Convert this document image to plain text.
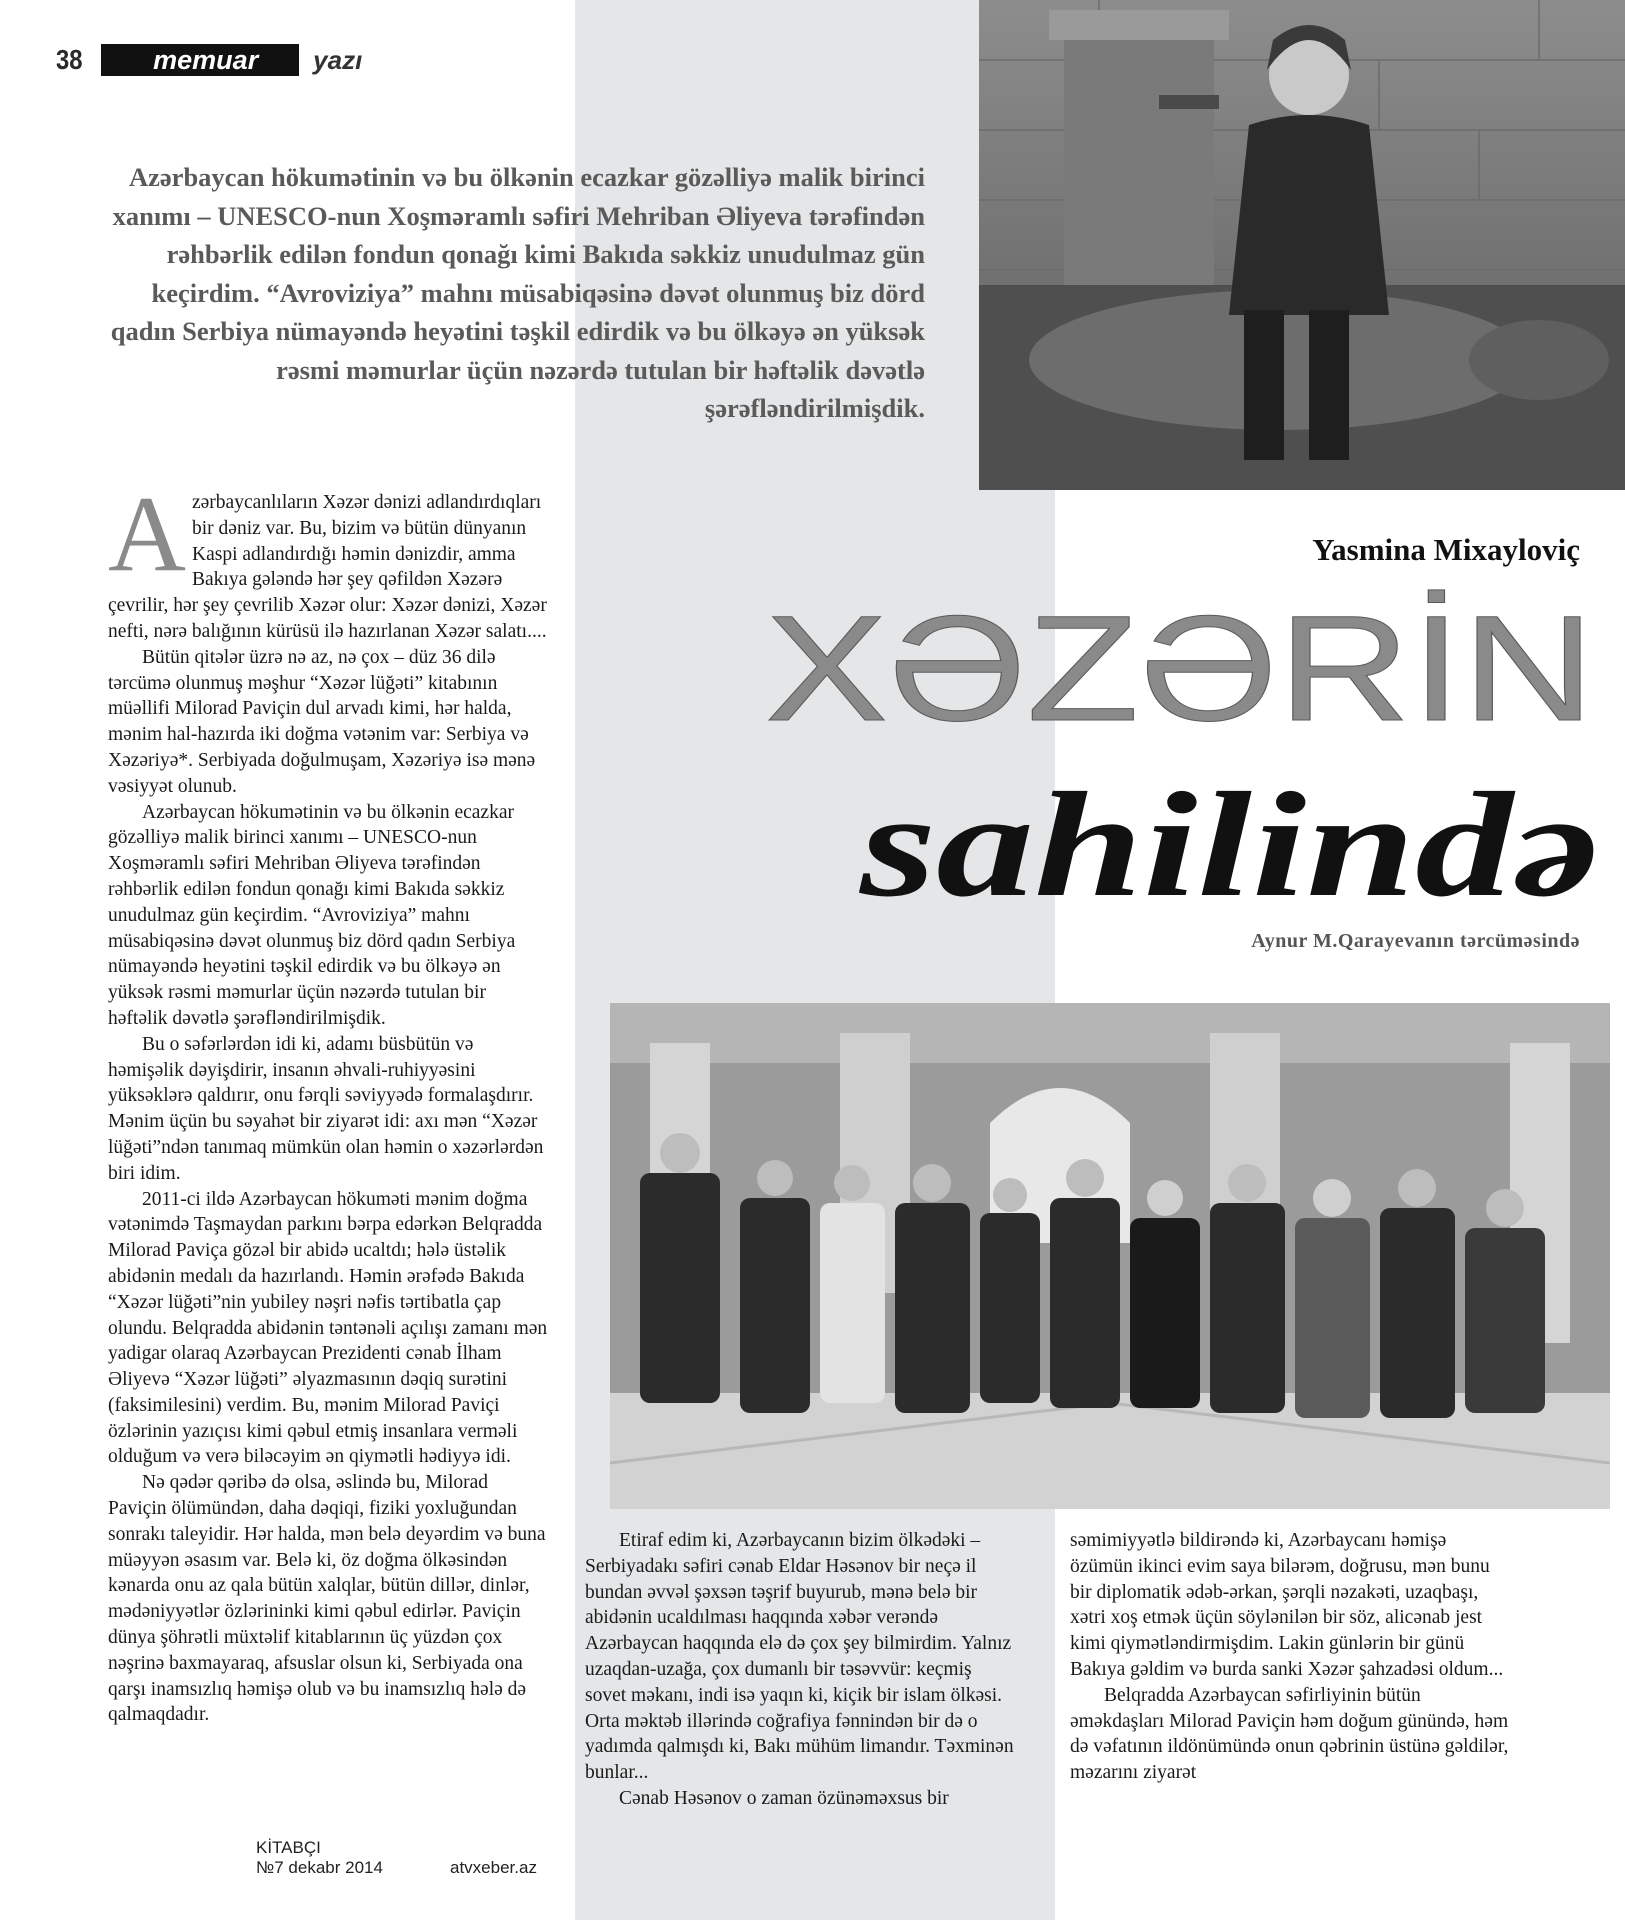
38	memuar	yazı
Azərbaycan hökumətinin və bu ölkənin ecazkar gözəlliyə malik birinci xanımı – UNESCO-nun Xoşməramlı səfiri Mehriban Əliyeva tərəfindən rəhbərlik edilən fondun qonağı kimi Bakıda səkkiz unudulmaz gün keçirdim. “Avroviziya” mahnı müsabiqəsinə dəvət olunmuş biz dörd qadın Serbiya nümayəndə heyətini təşkil edirdik və bu ölkəyə ən yüksək rəsmi məmurlar üçün nəzərdə tutulan bir həftəlik dəvətlə şərəfləndirilmişdik.
Yasmina Mixayloviç
XƏZƏRİN
sahilində
Aynur M.Qarayevanın tərcüməsində

Azərbaycanlıların Xəzər dənizi adlandırdıqları bir dəniz var. Bu, bizim və bütün dünyanın Kaspi adlandırdığı həmin dənizdir, amma Bakıya gələndə hər şey qəfildən Xəzərə çevrilir, hər şey çevrilib Xəzər olur: Xəzər dənizi, Xəzər nefti, nərə balığının kürüsü ilə hazırlanan Xəzər salatı....

Bütün qitələr üzrə nə az, nə çox – düz 36 dilə tərcümə olunmuş məşhur “Xəzər lüğəti” kitabının müəllifi Milorad Paviçin dul arvadı kimi, hər halda, mənim hal-hazırda iki doğma vətənim var: Serbiya və Xəzəriyə*. Serbiyada doğulmuşam, Xəzəriyə isə mənə vəsiyyət olunub.

Azərbaycan hökumətinin və bu ölkənin ecazkar gözəlliyə malik birinci xanımı – UNESCO-nun Xoşməramlı səfiri Mehriban Əliyeva tərəfindən rəhbərlik edilən fondun qonağı kimi Bakıda səkkiz unudulmaz gün keçirdim. “Avroviziya” mahnı müsabiqəsinə dəvət olunmuş biz dörd qadın Serbiya nümayəndə heyətini təşkil edirdik və bu ölkəyə ən yüksək rəsmi məmurlar üçün nəzərdə tutulan bir həftəlik dəvətlə şərəfləndirilmişdik.

Bu o səfərlərdən idi ki, adamı büsbütün və həmişəlik dəyişdirir, insanın əhvali-ruhiyyəsini yüksəklərə qaldırır, onu fərqli səviyyədə formalaşdırır. Mənim üçün bu səyahət bir ziyarət idi: axı mən “Xəzər lüğəti”ndən tanımaq mümkün olan həmin o xəzərlərdən biri idim.

2011-ci ildə Azərbaycan hökuməti mənim doğma vətənimdə Taşmaydan parkını bərpa edərkən Belqradda Milorad Paviça gözəl bir abidə ucaltdı; hələ üstəlik abidənin medalı da hazırlandı. Həmin ərəfədə Bakıda “Xəzər lüğəti”nin yubiley nəşri nəfis tərtibatla çap olundu. Belqradda abidənin təntənəli açılışı zamanı mən yadigar olaraq Azərbaycan Prezidenti cənab İlham Əliyevə “Xəzər lüğəti” əlyazmasının dəqiq surətini (faksimilesini) verdim. Bu, mənim Milorad Paviçi özlərinin yazıçısı kimi qəbul etmiş insanlara verməli olduğum və verə biləcəyim ən qiymətli hədiyyə idi.

Nə qədər qəribə də olsa, əslində bu, Milorad Paviçin ölümündən, daha dəqiqi, fiziki yoxluğundan sonrakı taleyidir. Hər halda, mən belə deyərdim və buna müəyyən əsasım var. Belə ki, öz doğma ölkəsindən kənarda onu az qala bütün xalqlar, bütün dillər, dinlər, mədəniyyətlər özlərininki kimi qəbul edirlər. Paviçin dünya şöhrətli müxtəlif kitablarının üç yüzdən çox nəşrinə baxmayaraq, afsuslar olsun ki, Serbiyada ona qarşı inamsızlıq həmişə olub və bu inamsızlıq hələ də qalmaqdadır.

Etiraf edim ki, Azərbaycanın bizim ölkədəki – Serbiyadakı səfiri cənab Eldar Həsənov bir neçə il bundan əvvəl şəxsən təşrif buyurub, mənə belə bir abidənin ucaldılması haqqında xəbər verəndə Azərbaycan haqqında elə də çox şey bilmirdim. Yalnız uzaqdan-uzağa, çox dumanlı bir təsəvvür: keçmiş sovet məkanı, indi isə yaqın ki, kiçik bir islam ölkəsi. Orta məktəb illərində coğrafiya fənnindən bir də o yadımda qalmışdı ki, Bakı mühüm limandır. Təxminən bunlar...

Cənab Həsənov o zaman özünəməxsus bir

səmimiyyətlə bildirəndə ki, Azərbaycanı həmişə özümün ikinci evim saya bilərəm, doğrusu, mən bunu bir diplomatik ədəb-ərkan, şərqli nəzakəti, uzaqbaşı, xətri xoş etmək üçün söylənilən bir söz, alicənab jest kimi qiymətləndirmişdim. Lakin günlərin bir günü Bakıya gəldim və burda sanki Xəzər şahzadəsi oldum...

Belqradda Azərbaycan səfirliyinin bütün əməkdaşları Milorad Paviçin həm doğum günündə, həm də vəfatının ildönümündə onun qəbrinin üstünə gəldilər, məzarını ziyarət

KİTABÇI
№7 dekabr 2014	atvxeber.az
